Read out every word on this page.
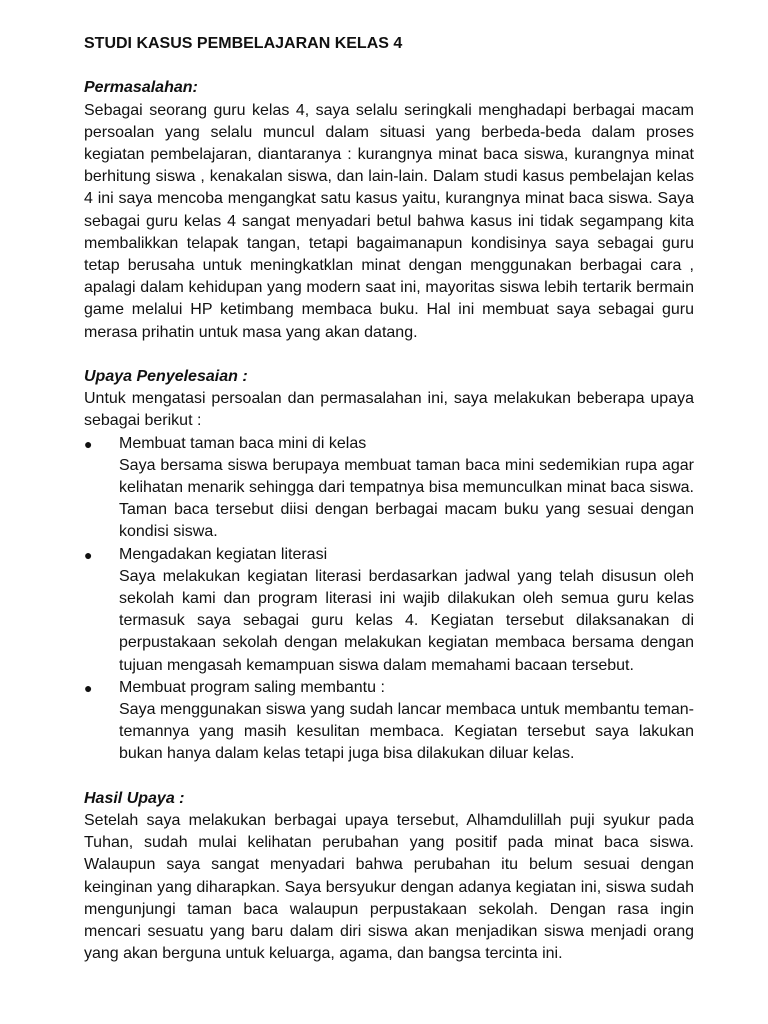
STUDI KASUS PEMBELAJARAN KELAS 4
Permasalahan:

Sebagai seorang guru kelas 4, saya selalu seringkali menghadapi berbagai macam persoalan yang selalu muncul dalam situasi yang berbeda-beda dalam proses kegiatan pembelajaran, diantaranya : kurangnya minat baca siswa, kurangnya minat berhitung siswa , kenakalan siswa, dan lain-lain. Dalam studi kasus pembelajan kelas 4 ini saya mencoba mengangkat satu kasus yaitu, kurangnya minat baca siswa. Saya sebagai guru kelas 4 sangat menyadari betul bahwa kasus ini tidak segampang kita membalikkan telapak tangan, tetapi bagaimanapun kondisinya saya sebagai guru tetap berusaha untuk meningkatklan minat dengan menggunakan berbagai cara , apalagi dalam kehidupan yang modern saat ini, mayoritas siswa lebih tertarik bermain game melalui HP ketimbang membaca buku. Hal ini membuat saya sebagai guru merasa prihatin untuk masa yang akan datang.

Upaya Penyelesaian :

Untuk mengatasi persoalan dan permasalahan ini, saya melakukan beberapa upaya sebagai berikut :

● Membuat taman baca mini di kelas

Saya bersama siswa berupaya membuat taman baca mini sedemikian rupa agar kelihatan menarik sehingga dari tempatnya bisa memunculkan minat baca siswa. Taman baca tersebut diisi dengan berbagai macam buku yang sesuai dengan kondisi siswa.

● Mengadakan kegiatan literasi

Saya melakukan kegiatan literasi berdasarkan jadwal yang telah disusun oleh sekolah kami dan program literasi ini wajib dilakukan oleh semua guru kelas termasuk saya sebagai guru kelas 4. Kegiatan tersebut dilaksanakan di perpustakaan sekolah dengan melakukan kegiatan membaca bersama dengan tujuan mengasah kemampuan siswa dalam memahami bacaan tersebut.

● Membuat program saling membantu :

Saya menggunakan siswa yang sudah lancar membaca untuk membantu teman-temannya yang masih kesulitan membaca. Kegiatan tersebut saya lakukan bukan hanya dalam kelas tetapi juga bisa dilakukan diluar kelas.

Hasil Upaya :

Setelah saya melakukan berbagai upaya tersebut, Alhamdulillah puji syukur pada Tuhan, sudah mulai kelihatan perubahan yang positif pada minat baca siswa. Walaupun saya sangat menyadari bahwa perubahan itu belum sesuai dengan keinginan yang diharapkan. Saya bersyukur dengan adanya kegiatan ini, siswa sudah mengunjungi taman baca walaupun perpustakaan sekolah. Dengan rasa ingin mencari sesuatu yang baru dalam diri siswa akan menjadikan siswa menjadi orang yang akan berguna untuk keluarga, agama, dan bangsa tercinta ini.
